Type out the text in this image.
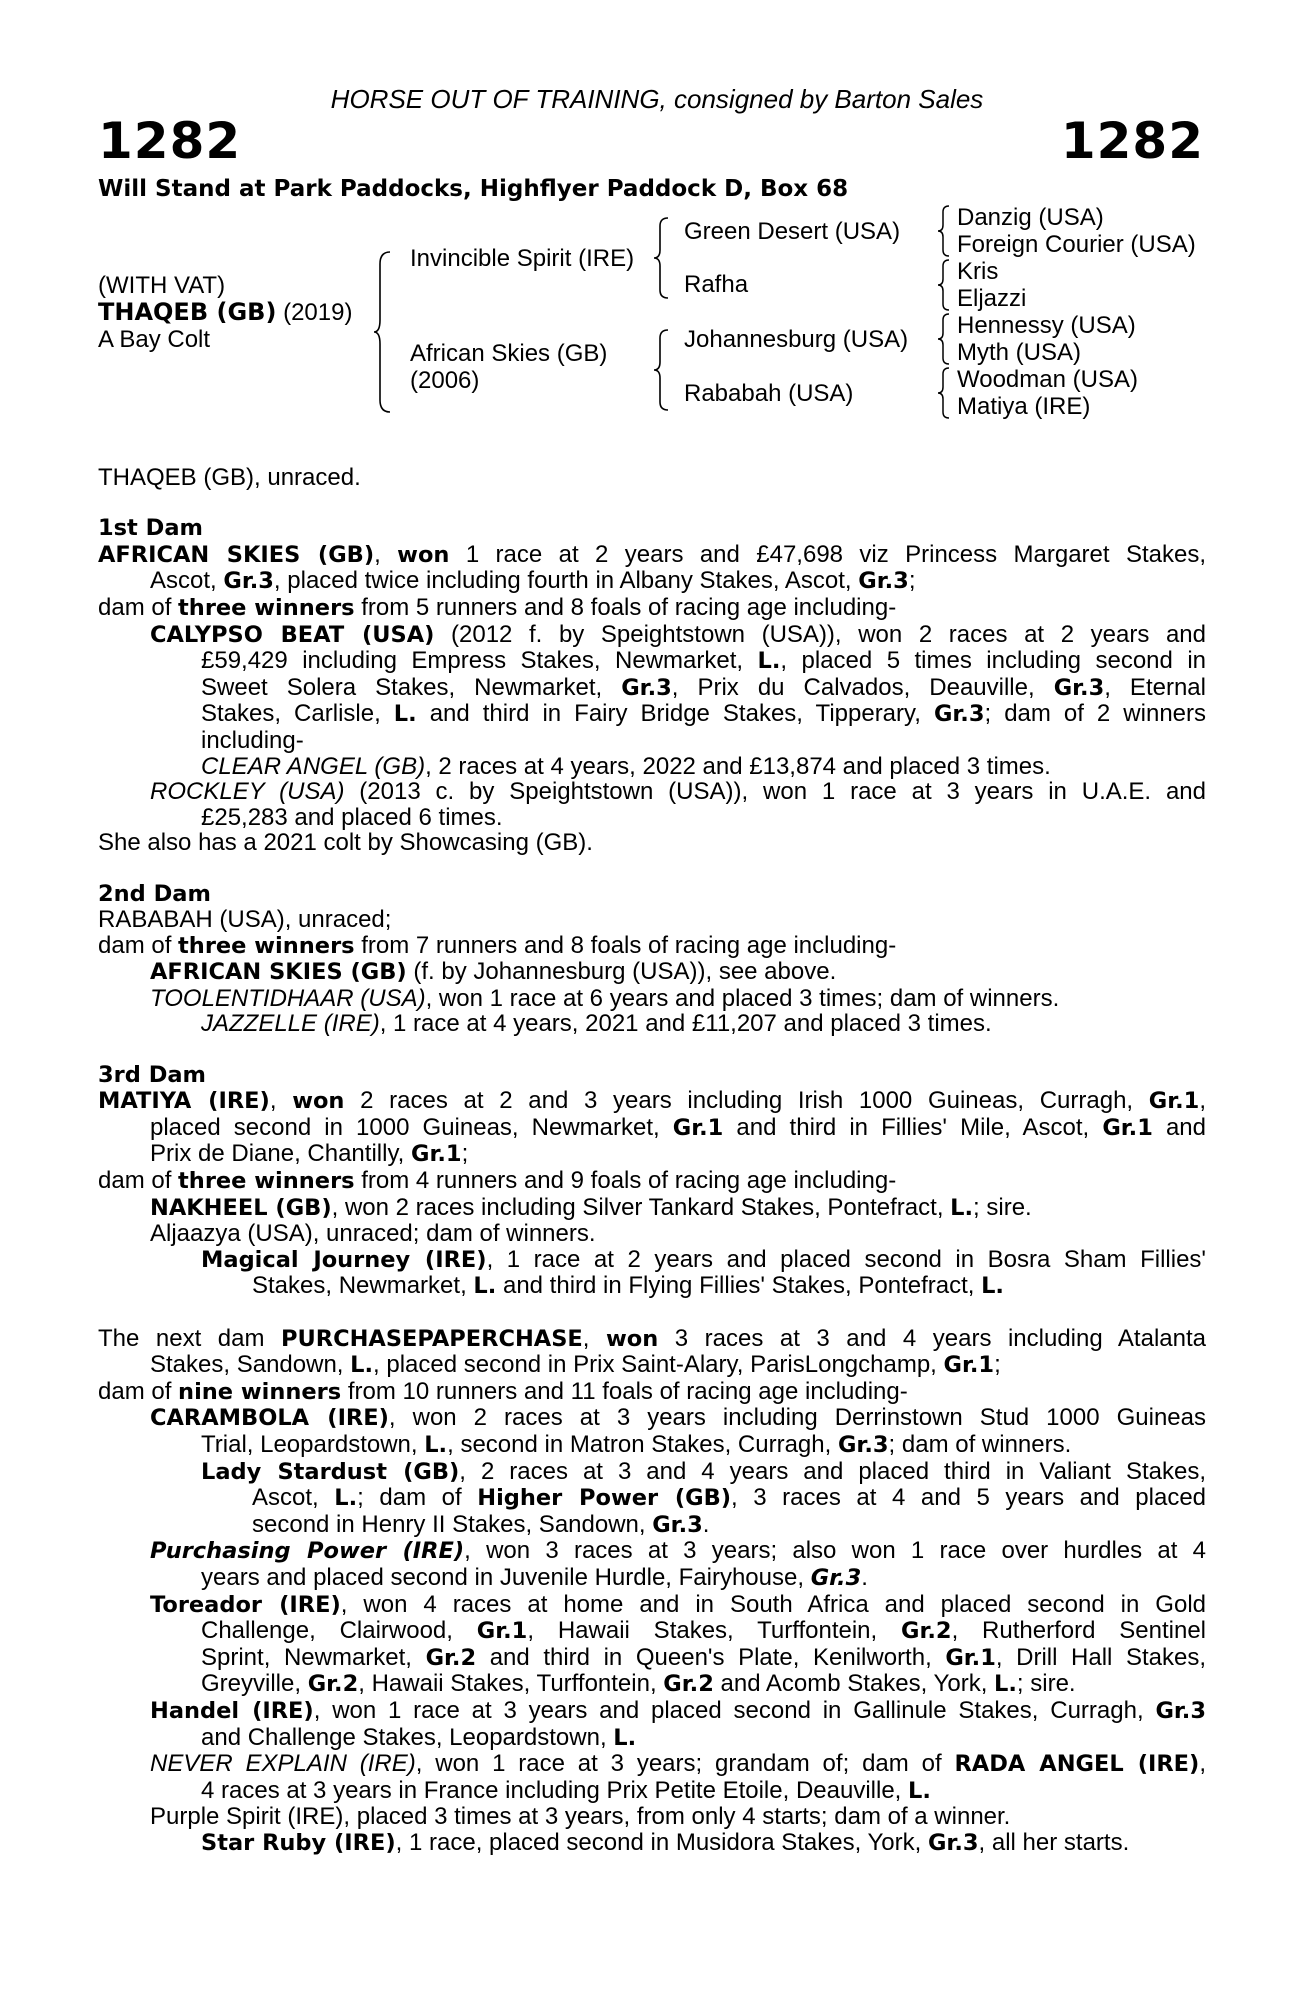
HORSE OUT OF TRAINING, consigned by Barton Sales
1282	1282
Will Stand at Park Paddocks, Highflyer Paddock D, Box 68
(WITH VAT)
THAQEB (GB) (2019)
A Bay Colt
Invincible Spirit (IRE)
African Skies (GB)
(2006)
Green Desert (USA)
Rafha
Johannesburg (USA)
Rababah (USA)
Danzig (USA)
Foreign Courier (USA)
Kris
Eljazzi
Hennessy (USA)
Myth (USA)
Woodman (USA)
Matiya (IRE)
THAQEB (GB), unraced.
1st Dam
AFRICAN SKIES (GB), won 1 race at 2 years and £47,698 viz Princess Margaret Stakes,
Ascot, Gr.3, placed twice including fourth in Albany Stakes, Ascot, Gr.3;
dam of three winners from 5 runners and 8 foals of racing age including-
CALYPSO BEAT (USA) (2012 f. by Speightstown (USA)), won 2 races at 2 years and
£59,429 including Empress Stakes, Newmarket, L., placed 5 times including second in
Sweet Solera Stakes, Newmarket, Gr.3, Prix du Calvados, Deauville, Gr.3, Eternal
Stakes, Carlisle, L. and third in Fairy Bridge Stakes, Tipperary, Gr.3; dam of 2 winners
including-
CLEAR ANGEL (GB), 2 races at 4 years, 2022 and £13,874 and placed 3 times.
ROCKLEY (USA) (2013 c. by Speightstown (USA)), won 1 race at 3 years in U.A.E. and
£25,283 and placed 6 times.
She also has a 2021 colt by Showcasing (GB).
2nd Dam
RABABAH (USA), unraced;
dam of three winners from 7 runners and 8 foals of racing age including-
AFRICAN SKIES (GB) (f. by Johannesburg (USA)), see above.
TOOLENTIDHAAR (USA), won 1 race at 6 years and placed 3 times; dam of winners.
JAZZELLE (IRE), 1 race at 4 years, 2021 and £11,207 and placed 3 times.
3rd Dam
MATIYA (IRE), won 2 races at 2 and 3 years including Irish 1000 Guineas, Curragh, Gr.1,
placed second in 1000 Guineas, Newmarket, Gr.1 and third in Fillies' Mile, Ascot, Gr.1 and
Prix de Diane, Chantilly, Gr.1;
dam of three winners from 4 runners and 9 foals of racing age including-
NAKHEEL (GB), won 2 races including Silver Tankard Stakes, Pontefract, L.; sire.
Aljaazya (USA), unraced; dam of winners.
Magical Journey (IRE), 1 race at 2 years and placed second in Bosra Sham Fillies'
Stakes, Newmarket, L. and third in Flying Fillies' Stakes, Pontefract, L.
The next dam PURCHASEPAPERCHASE, won 3 races at 3 and 4 years including Atalanta
Stakes, Sandown, L., placed second in Prix Saint-Alary, ParisLongchamp, Gr.1;
dam of nine winners from 10 runners and 11 foals of racing age including-
CARAMBOLA (IRE), won 2 races at 3 years including Derrinstown Stud 1000 Guineas
Trial, Leopardstown, L., second in Matron Stakes, Curragh, Gr.3; dam of winners.
Lady Stardust (GB), 2 races at 3 and 4 years and placed third in Valiant Stakes,
Ascot, L.; dam of Higher Power (GB), 3 races at 4 and 5 years and placed
second in Henry II Stakes, Sandown, Gr.3.
Purchasing Power (IRE), won 3 races at 3 years; also won 1 race over hurdles at 4
years and placed second in Juvenile Hurdle, Fairyhouse, Gr.3.
Toreador (IRE), won 4 races at home and in South Africa and placed second in Gold
Challenge, Clairwood, Gr.1, Hawaii Stakes, Turffontein, Gr.2, Rutherford Sentinel
Sprint, Newmarket, Gr.2 and third in Queen's Plate, Kenilworth, Gr.1, Drill Hall Stakes,
Greyville, Gr.2, Hawaii Stakes, Turffontein, Gr.2 and Acomb Stakes, York, L.; sire.
Handel (IRE), won 1 race at 3 years and placed second in Gallinule Stakes, Curragh, Gr.3
and Challenge Stakes, Leopardstown, L.
NEVER EXPLAIN (IRE), won 1 race at 3 years; grandam of; dam of RADA ANGEL (IRE),
4 races at 3 years in France including Prix Petite Etoile, Deauville, L.
Purple Spirit (IRE), placed 3 times at 3 years, from only 4 starts; dam of a winner.
Star Ruby (IRE), 1 race, placed second in Musidora Stakes, York, Gr.3, all her starts.
